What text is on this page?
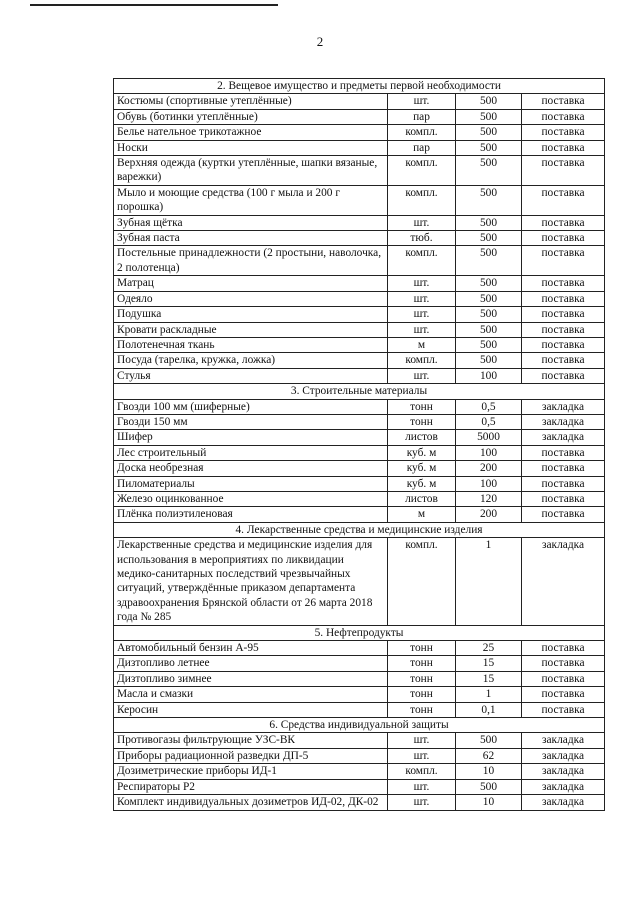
2
2. Вещевое имущество и предметы первой необходимости			
Костюмы (спортивные утеплённые)	шт.	500	поставка
Обувь (ботинки утеплённые)	пар	500	поставка
Белье нательное трикотажное	компл.	500	поставка
Носки	пар	500	поставка
Верхняя одежда (куртки утеплённые, шапки вязаные, варежки)	компл.	500	поставка
Мыло и моющие средства (100 г мыла и 200 г порошка)	компл.	500	поставка
Зубная щётка	шт.	500	поставка
Зубная паста	тюб.	500	поставка
Постельные принадлежности (2 простыни, наволочка, 2 полотенца)	компл.	500	поставка
Матрац	шт.	500	поставка
Одеяло	шт.	500	поставка
Подушка	шт.	500	поставка
Кровати раскладные	шт.	500	поставка
Полотенечная ткань	м	500	поставка
Посуда (тарелка, кружка, ложка)	компл.	500	поставка
Стулья	шт.	100	поставка
3. Строительные материалы			
Гвозди 100 мм (шиферные)	тонн	0,5	закладка
Гвозди 150 мм	тонн	0,5	закладка
Шифер	листов	5000	закладка
Лес строительный	куб. м	100	поставка
Доска необрезная	куб. м	200	поставка
Пиломатериалы	куб. м	100	поставка
Железо оцинкованное	листов	120	поставка
Плёнка полиэтиленовая	м	200	поставка
4. Лекарственные средства и медицинские изделия			
Лекарственные средства и медицинские изделия для использования в мероприятиях по ликвидации медико-санитарных последствий чрезвычайных ситуаций, утверждённые приказом департамента здравоохранения Брянской области от 26 марта 2018 года № 285	компл.	1	закладка
5. Нефтепродукты			
Автомобильный бензин А-95	тонн	25	поставка
Дизтопливо летнее	тонн	15	поставка
Дизтопливо зимнее	тонн	15	поставка
Масла и смазки	тонн	1	поставка
Керосин	тонн	0,1	поставка
6. Средства индивидуальной защиты			
Противогазы фильтрующие УЗС-ВК	шт.	500	закладка
Приборы радиационной разведки ДП-5	шт.	62	закладка
Дозиметрические приборы ИД-1	компл.	10	закладка
Респираторы Р2	шт.	500	закладка
Комплект индивидуальных дозиметров ИД-02, ДК-02	шт.	10	закладка
